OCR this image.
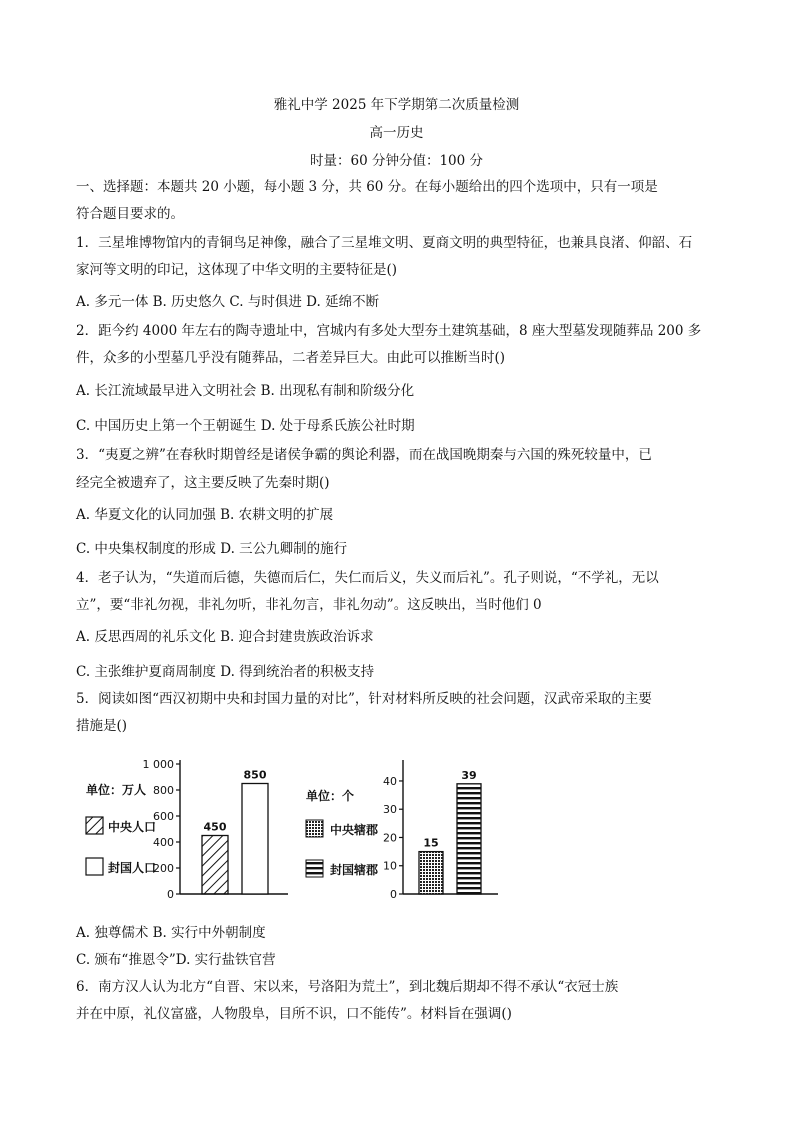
雅礼中学 2025 年下学期第二次质量检测
高一历史
时量：60 分钟分值：100 分
一、选择题：本题共 20 小题，每小题 3 分，共 60 分。在每小题给出的四个选项中，只有一项是
符合题目要求的。
1．三星堆博物馆内的青铜鸟足神像，融合了三星堆文明、夏商文明的典型特征，也兼具良渚、仰韶、石
家河等文明的印记，这体现了中华文明的主要特征是()
A. 多元一体 B. 历史悠久 C. 与时俱进 D. 延绵不断
2．距今约 4000 年左右的陶寺遗址中，宫城内有多处大型夯土建筑基础，8 座大型墓发现随葬品 200 多
件，众多的小型墓几乎没有随葬品，二者差异巨大。由此可以推断当时()
A. 长江流域最早进入文明社会 B. 出现私有制和阶级分化
C. 中国历史上第一个王朝诞生 D. 处于母系氏族公社时期
3．“夷夏之辨”在春秋时期曾经是诸侯争霸的舆论利器，而在战国晚期秦与六国的殊死较量中，已
经完全被遗弃了，这主要反映了先秦时期()
A. 华夏文化的认同加强 B. 农耕文明的扩展
C. 中央集权制度的形成 D. 三公九卿制的施行
4．老子认为，“失道而后德，失德而后仁，失仁而后义，失义而后礼”。孔子则说，“不学礼，无以
立”，要“非礼勿视，非礼勿听，非礼勿言，非礼勿动”。这反映出，当时他们 0
A. 反思西周的礼乐文化 B. 迎合封建贵族政治诉求
C. 主张维护夏商周制度 D. 得到统治者的积极支持
5．阅读如图“西汉初期中央和封国力量的对比”，针对材料所反映的社会问题，汉武帝采取的主要
措施是()
单位：万人
中央人口
封国人口
0
200
400
600
800
1 000
450
850
单位：个
中央辖郡
封国辖郡
0
10
20
30
40
15
39
A. 独尊儒术 B. 实行中外朝制度
C. 颁布“推恩令”D. 实行盐铁官营
6．南方汉人认为北方“自晋、宋以来，号洛阳为荒土”，到北魏后期却不得不承认“衣冠士族
并在中原，礼仪富盛，人物殷阜，目所不识，口不能传”。材料旨在强调()
